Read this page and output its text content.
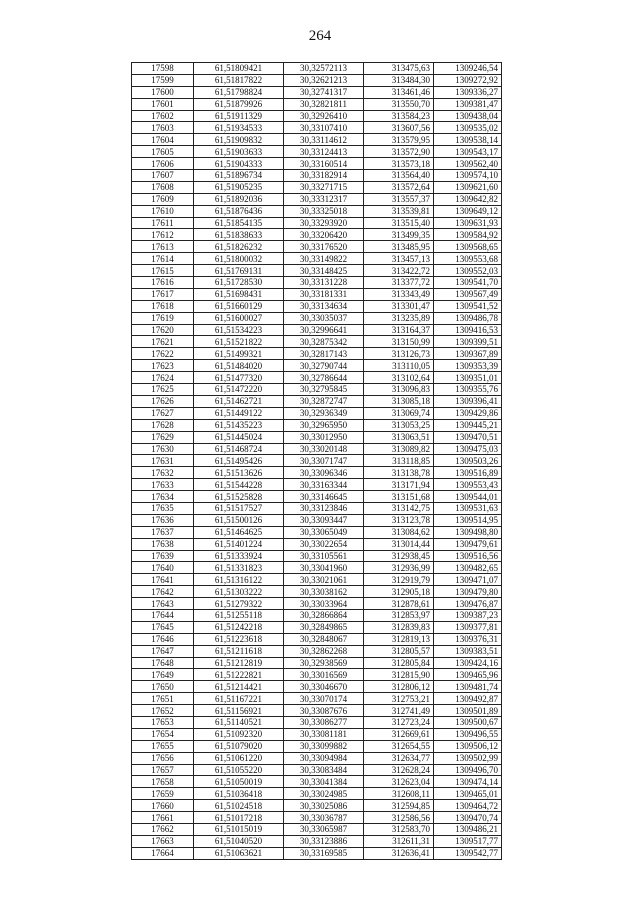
264
17598	61,51809421	30,32572113	313475,63	1309246,54
17599	61,51817822	30,32621213	313484,30	1309272,92
17600	61,51798824	30,32741317	313461,46	1309336,27
17601	61,51879926	30,32821811	313550,70	1309381,47
17602	61,51911329	30,32926410	313584,23	1309438,04
17603	61,51934533	30,33107410	313607,56	1309535,02
17604	61,51909832	30,33114612	313579,95	1309538,14
17605	61,51903633	30,33124413	313572,90	1309543,17
17606	61,51904333	30,33160514	313573,18	1309562,40
17607	61,51896734	30,33182914	313564,40	1309574,10
17608	61,51905235	30,33271715	313572,64	1309621,60
17609	61,51892036	30,33312317	313557,37	1309642,82
17610	61,51876436	30,33325018	313539,81	1309649,12
17611	61,51854135	30,33293920	313515,40	1309631,93
17612	61,51838633	30,33206420	313499,35	1309584,92
17613	61,51826232	30,33176520	313485,95	1309568,65
17614	61,51800032	30,33149822	313457,13	1309553,68
17615	61,51769131	30,33148425	313422,72	1309552,03
17616	61,51728530	30,33131228	313377,72	1309541,70
17617	61,51698431	30,33181331	313343,49	1309567,49
17618	61,51660129	30,33134634	313301,47	1309541,52
17619	61,51600027	30,33035037	313235,89	1309486,78
17620	61,51534223	30,32996641	313164,37	1309416,53
17621	61,51521822	30,32875342	313150,99	1309399,51
17622	61,51499321	30,32817143	313126,73	1309367,89
17623	61,51484020	30,32790744	313110,05	1309353,39
17624	61,51477320	30,32786644	313102,64	1309351,01
17625	61,51472220	30,32795845	313096,83	1309355,76
17626	61,51462721	30,32872747	313085,18	1309396,41
17627	61,51449122	30,32936349	313069,74	1309429,86
17628	61,51435223	30,32965950	313053,25	1309445,21
17629	61,51445024	30,33012950	313063,51	1309470,51
17630	61,51468724	30,33020148	313089,82	1309475,03
17631	61,51495426	30,33071747	313118,85	1309503,26
17632	61,51513626	30,33096346	313138,78	1309516,89
17633	61,51544228	30,33163344	313171,94	1309553,43
17634	61,51525828	30,33146645	313151,68	1309544,01
17635	61,51517527	30,33123846	313142,75	1309531,63
17636	61,51500126	30,33093447	313123,78	1309514,95
17637	61,51464625	30,33065049	313084,62	1309498,80
17638	61,51401224	30,33022654	313014,44	1309479,61
17639	61,51333924	30,33105561	312938,45	1309516,56
17640	61,51331823	30,33041960	312936,99	1309482,65
17641	61,51316122	30,33021061	312919,79	1309471,07
17642	61,51303222	30,33038162	312905,18	1309479,80
17643	61,51279322	30,33033964	312878,61	1309476,87
17644	61,51255118	30,32866864	312853,97	1309387,23
17645	61,51242218	30,32849865	312839,83	1309377,81
17646	61,51223618	30,32848067	312819,13	1309376,31
17647	61,51211618	30,32862268	312805,57	1309383,51
17648	61,51212819	30,32938569	312805,84	1309424,16
17649	61,51222821	30,33016569	312815,90	1309465,96
17650	61,51214421	30,33046670	312806,12	1309481,74
17651	61,51167221	30,33070174	312753,21	1309492,87
17652	61,51156921	30,33087676	312741,49	1309501,89
17653	61,51140521	30,33086277	312723,24	1309500,67
17654	61,51092320	30,33081181	312669,61	1309496,55
17655	61,51079020	30,33099882	312654,55	1309506,12
17656	61,51061220	30,33094984	312634,77	1309502,99
17657	61,51055220	30,33083484	312628,24	1309496,70
17658	61,51050019	30,33041384	312623,04	1309474,14
17659	61,51036418	30,33024985	312608,11	1309465,01
17660	61,51024518	30,33025086	312594,85	1309464,72
17661	61,51017218	30,33036787	312586,56	1309470,74
17662	61,51015019	30,33065987	312583,70	1309486,21
17663	61,51040520	30,33123886	312611,31	1309517,77
17664	61,51063621	30,33169585	312636,41	1309542,77
